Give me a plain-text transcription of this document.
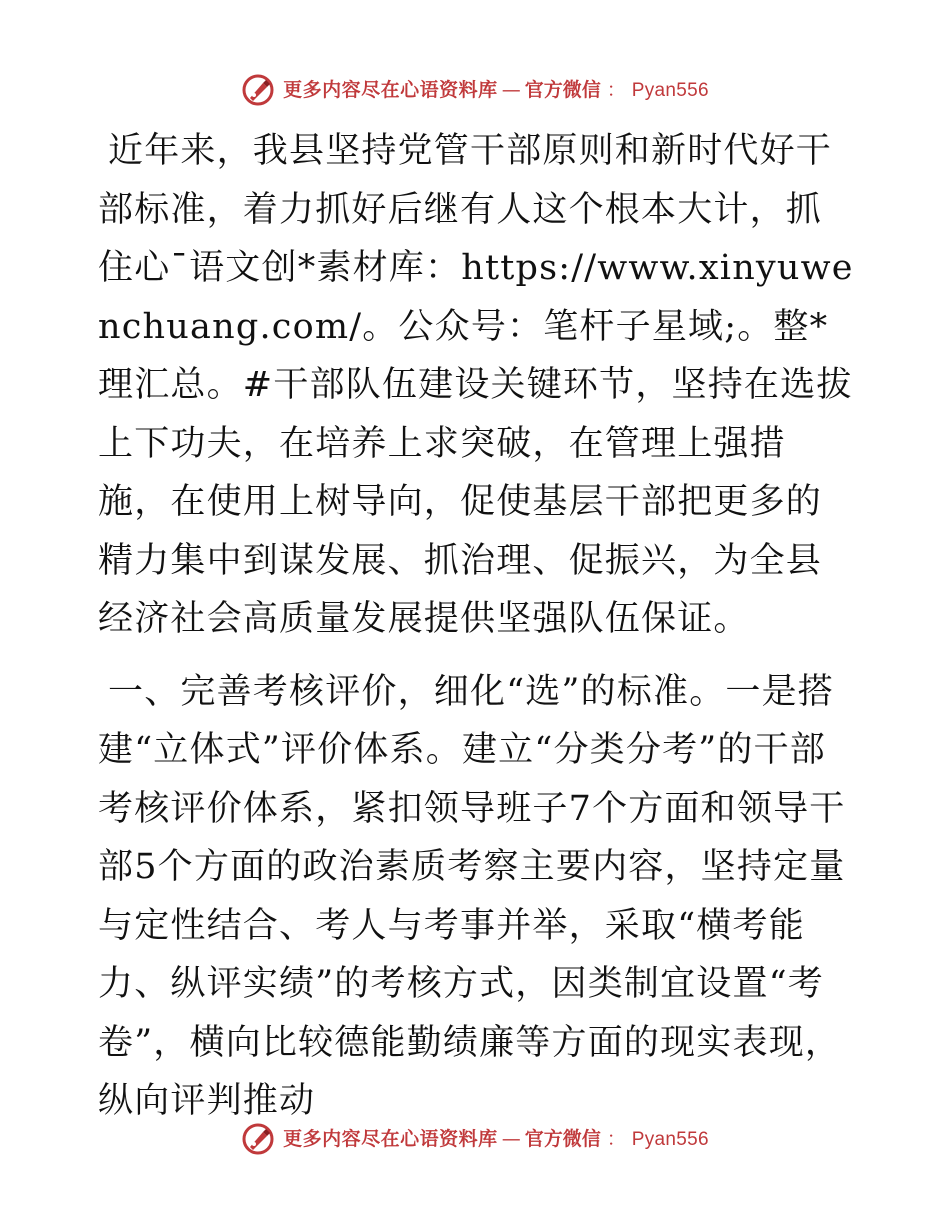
更多内容尽在心语资料库 — 官方微信 ： Pyan556

近年来，我县坚持党管干部原则和新时代好干部标准，着力抓好后继有人这个根本大计，抓住心¯语文创*素材库：https://www.xinyuwenchuang.com/。公众号：笔杆子星域;。整*理汇总。#干部队伍建设关键环节，坚持在选拔上下功夫，在培养上求突破，在管理上强措施，在使用上树导向，促使基层干部把更多的精力集中到谋发展、抓治理、促振兴，为全县经济社会高质量发展提供坚强队伍保证。

一、完善考核评价，细化“选”的标准。一是搭建“立体式”评价体系。建立“分类分考”的干部考核评价体系，紧扣领导班子7个方面和领导干部5个方面的政治素质考察主要内容，坚持定量与定性结合、考人与考事并举，采取“横考能力、纵评实绩”的考核方式，因类制宜设置“考卷”，横向比较德能勤绩廉等方面的现实表现，纵向评判推动

更多内容尽在心语资料库 — 官方微信 ： Pyan556
